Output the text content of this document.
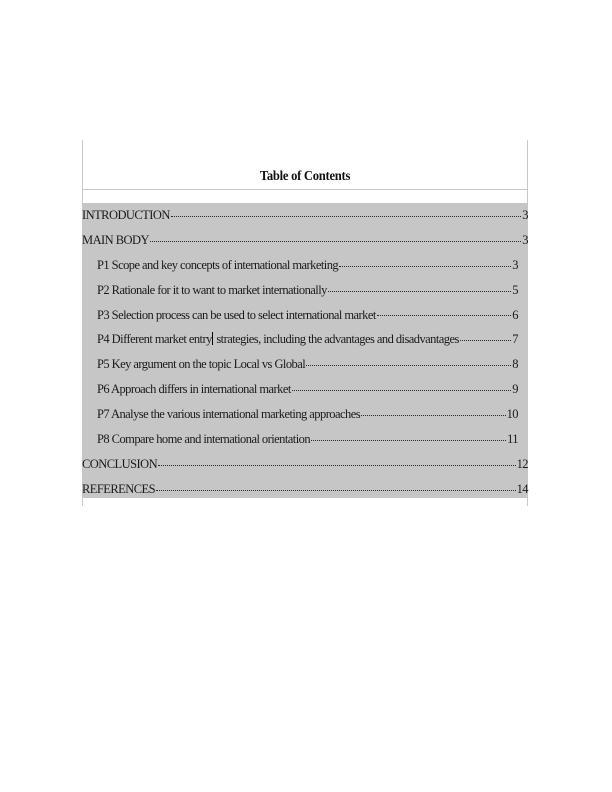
Table of Contents
INTRODUCTION	3
MAIN BODY	3
P1 Scope and key concepts of international marketing	3
P2 Rationale for it to want to market internationally	5
P3 Selection process can be used to select international market	6
P4 Different market entry strategies, including the advantages and disadvantages	7
P5 Key argument on the topic Local vs Global	8
P6 Approach differs in international market	9
P7 Analyse the various international marketing approaches	10
P8 Compare home and international orientation	11
CONCLUSION	12
REFERENCES	14
